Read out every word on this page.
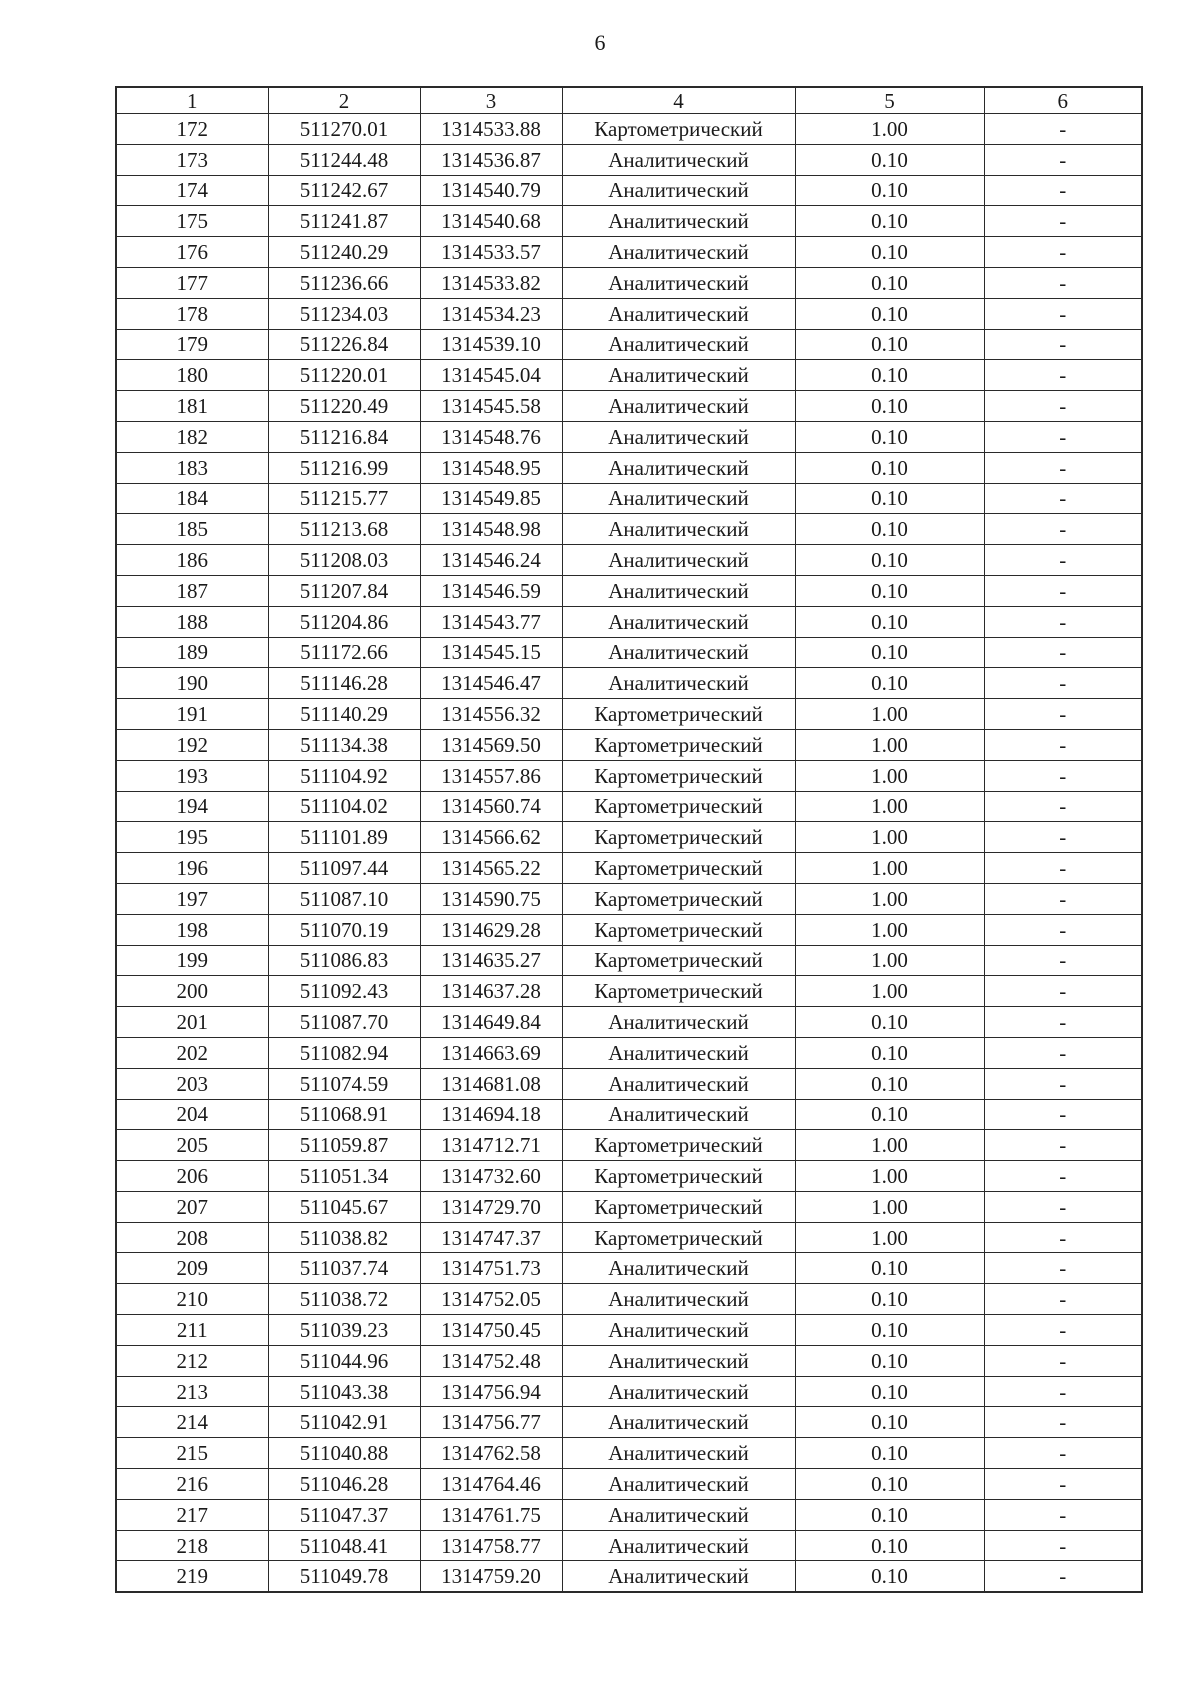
6
1	2	3	4	5	6
172	511270.01	1314533.88	Картометрический	1.00	-
173	511244.48	1314536.87	Аналитический	0.10	-
174	511242.67	1314540.79	Аналитический	0.10	-
175	511241.87	1314540.68	Аналитический	0.10	-
176	511240.29	1314533.57	Аналитический	0.10	-
177	511236.66	1314533.82	Аналитический	0.10	-
178	511234.03	1314534.23	Аналитический	0.10	-
179	511226.84	1314539.10	Аналитический	0.10	-
180	511220.01	1314545.04	Аналитический	0.10	-
181	511220.49	1314545.58	Аналитический	0.10	-
182	511216.84	1314548.76	Аналитический	0.10	-
183	511216.99	1314548.95	Аналитический	0.10	-
184	511215.77	1314549.85	Аналитический	0.10	-
185	511213.68	1314548.98	Аналитический	0.10	-
186	511208.03	1314546.24	Аналитический	0.10	-
187	511207.84	1314546.59	Аналитический	0.10	-
188	511204.86	1314543.77	Аналитический	0.10	-
189	511172.66	1314545.15	Аналитический	0.10	-
190	511146.28	1314546.47	Аналитический	0.10	-
191	511140.29	1314556.32	Картометрический	1.00	-
192	511134.38	1314569.50	Картометрический	1.00	-
193	511104.92	1314557.86	Картометрический	1.00	-
194	511104.02	1314560.74	Картометрический	1.00	-
195	511101.89	1314566.62	Картометрический	1.00	-
196	511097.44	1314565.22	Картометрический	1.00	-
197	511087.10	1314590.75	Картометрический	1.00	-
198	511070.19	1314629.28	Картометрический	1.00	-
199	511086.83	1314635.27	Картометрический	1.00	-
200	511092.43	1314637.28	Картометрический	1.00	-
201	511087.70	1314649.84	Аналитический	0.10	-
202	511082.94	1314663.69	Аналитический	0.10	-
203	511074.59	1314681.08	Аналитический	0.10	-
204	511068.91	1314694.18	Аналитический	0.10	-
205	511059.87	1314712.71	Картометрический	1.00	-
206	511051.34	1314732.60	Картометрический	1.00	-
207	511045.67	1314729.70	Картометрический	1.00	-
208	511038.82	1314747.37	Картометрический	1.00	-
209	511037.74	1314751.73	Аналитический	0.10	-
210	511038.72	1314752.05	Аналитический	0.10	-
211	511039.23	1314750.45	Аналитический	0.10	-
212	511044.96	1314752.48	Аналитический	0.10	-
213	511043.38	1314756.94	Аналитический	0.10	-
214	511042.91	1314756.77	Аналитический	0.10	-
215	511040.88	1314762.58	Аналитический	0.10	-
216	511046.28	1314764.46	Аналитический	0.10	-
217	511047.37	1314761.75	Аналитический	0.10	-
218	511048.41	1314758.77	Аналитический	0.10	-
219	511049.78	1314759.20	Аналитический	0.10	-
